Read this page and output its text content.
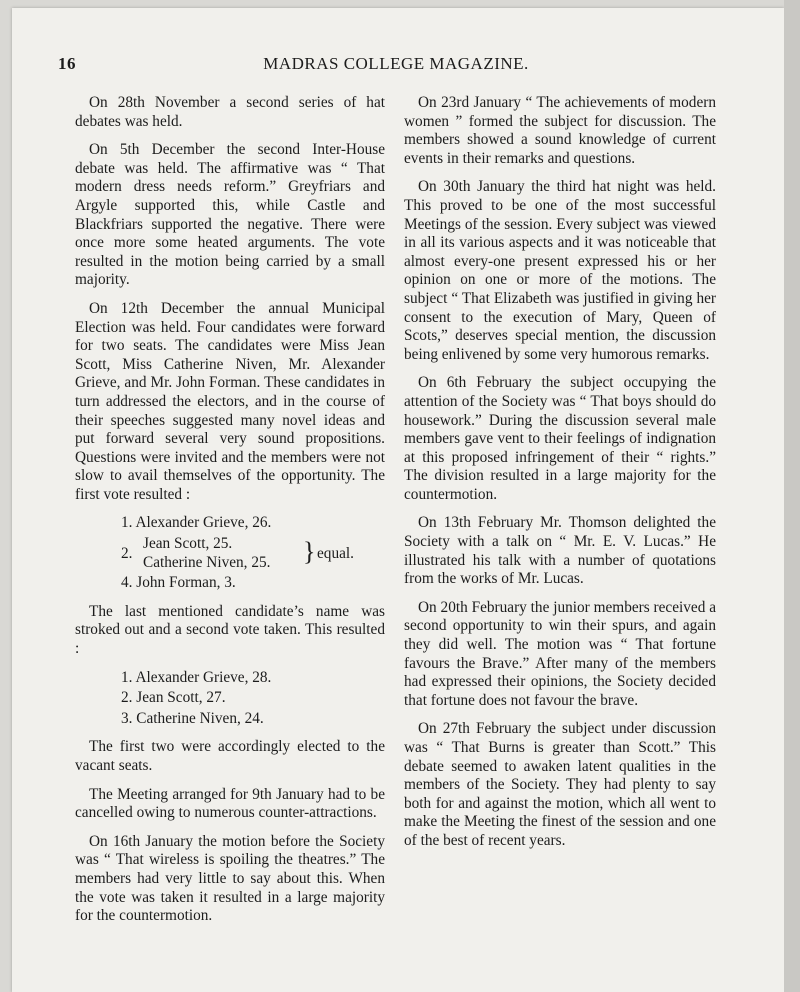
16	MADRAS COLLEGE MAGAZINE.

On 28th November a second series of hat debates was held.

On 5th December the second Inter-House debate was held. The affirmative was “ That modern dress needs reform.” Greyfriars and Argyle supported this, while Castle and Blackfriars supported the negative. There were once more some heated arguments. The vote resulted in the motion being carried by a small majority.

On 12th December the annual Municipal Election was held. Four candidates were forward for two seats. The candidates were Miss Jean Scott, Miss Catherine Niven, Mr. Alexander Grieve, and Mr. John Forman. These candidates in turn addressed the electors, and in the course of their speeches suggested many novel ideas and put forward several very sound propositions. Questions were invited and the members were not slow to avail themselves of the opportunity. The first vote resulted :

1. Alexander Grieve, 26.
2.
Jean Scott, 25.
Catherine Niven, 25. } equal.
4. John Forman, 3.

The last mentioned candidate’s name was stroked out and a second vote taken. This resulted :

1. Alexander Grieve, 28.
2. Jean Scott, 27.
3. Catherine Niven, 24.

The first two were accordingly elected to the vacant seats.

The Meeting arranged for 9th January had to be cancelled owing to numerous counter-attractions.

On 16th January the motion before the Society was “ That wireless is spoiling the theatres.” The members had very little to say about this. When the vote was taken it resulted in a large majority for the countermotion.

On 23rd January “ The achievements of modern women ” formed the subject for discussion. The members showed a sound knowledge of current events in their remarks and questions.

On 30th January the third hat night was held. This proved to be one of the most successful Meetings of the session. Every subject was viewed in all its various aspects and it was noticeable that almost every-one present expressed his or her opinion on one or more of the motions. The subject “ That Elizabeth was justified in giving her consent to the execution of Mary, Queen of Scots,” deserves special mention, the discussion being enlivened by some very humorous remarks.

On 6th February the subject occupying the attention of the Society was “ That boys should do housework.” During the discussion several male members gave vent to their feelings of indignation at this proposed infringement of their “ rights.” The division resulted in a large majority for the countermotion.

On 13th February Mr. Thomson delighted the Society with a talk on “ Mr. E. V. Lucas.” He illustrated his talk with a number of quotations from the works of Mr. Lucas.

On 20th February the junior members received a second opportunity to win their spurs, and again they did well. The motion was “ That fortune favours the Brave.” After many of the members had expressed their opinions, the Society decided that fortune does not favour the brave.

On 27th February the subject under discussion was “ That Burns is greater than Scott.” This debate seemed to awaken latent qualities in the members of the Society. They had plenty to say both for and against the motion, which all went to make the Meeting the finest of the session and one of the best of recent years.
